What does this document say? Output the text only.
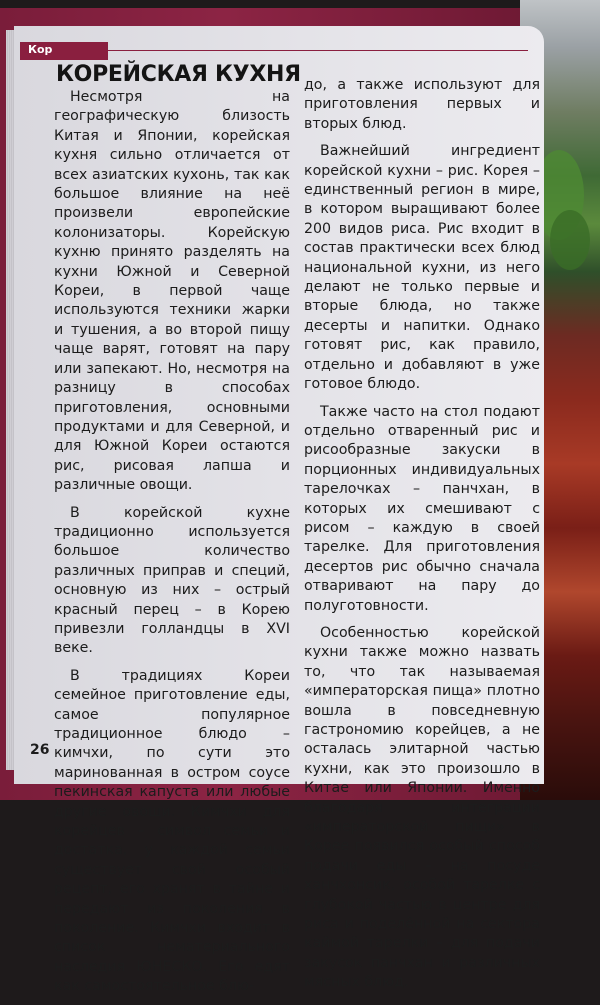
Кор
КОРЕЙСКАЯ КУХНЯ

Несмотря на географическую близость Китая и Японии, корейская кухня сильно отличается от всех азиатских кухонь, так как большое влияние на неё произвели европейские колонизаторы. Корейскую кухню принято разделять на кухни Южной и Северной Кореи, в первой чаще используются техники жарки и тушения, а во второй пищу чаще варят, готовят на пару или запекают. Но, несмотря на разницу в способах приготовления, основными продуктами и для Северной, и для Южной Кореи остаются рис, рисовая лапша и различные овощи.

В корейской кухне традиционно используется большое количество различных приправ и специй, основную из них – острый красный перец – в Корею привезли голландцы в XVI веке.

В традициях Кореи семейное приготовление еды, самое популярное традиционное блюдо – кимчхи, по сути это маринованная в остром соусе пекинская капуста или любые другие овощи. Кимчхи для корейцев – символ семьи и достатка, у каждой семьи существует свой особый рецепт, его хранят в тайне и передают из поколения в поколение. Кимчхи входит в список нематериального наследия ЮНЕСКО. Его едят как самостоятельное блю-

до, а также используют для приготовления первых и вторых блюд.

Важнейший ингредиент корейской кухни – рис. Корея – единственный регион в мире, в котором выращивают более 200 видов риса. Рис входит в состав практически всех блюд национальной кухни, из него делают не только первые и вторые блюда, но также десерты и напитки. Однако готовят рис, как правило, отдельно и добавляют в уже готовое блюдо.

Также часто на стол подают отдельно отваренный рис и рисообразные закуски в порционных индивидуальных тарелочках – панчхан, в которых их смешивают с рисом – каждую в своей тарелке. Для приготовления десертов рис обычно сначала отваривают на пару до полуготовности.

Особенностью корейской кухни также можно назвать то, что так называемая «императорская пища» плотно вошла в повседневную гастрономию корейцев, а не осталась элитарной частью кухни, как это произошло в Китае или Японии. Именно благодаря интеграции «императорской пищи» в Корее появился особый способ подачи еды – на посуде ханчхонсик, особой тарелке с глубокой частью в центре для риса и поделённой на сектора каймой тарелки – для подачи закусок панчхан и различных мясных блюд.

26
